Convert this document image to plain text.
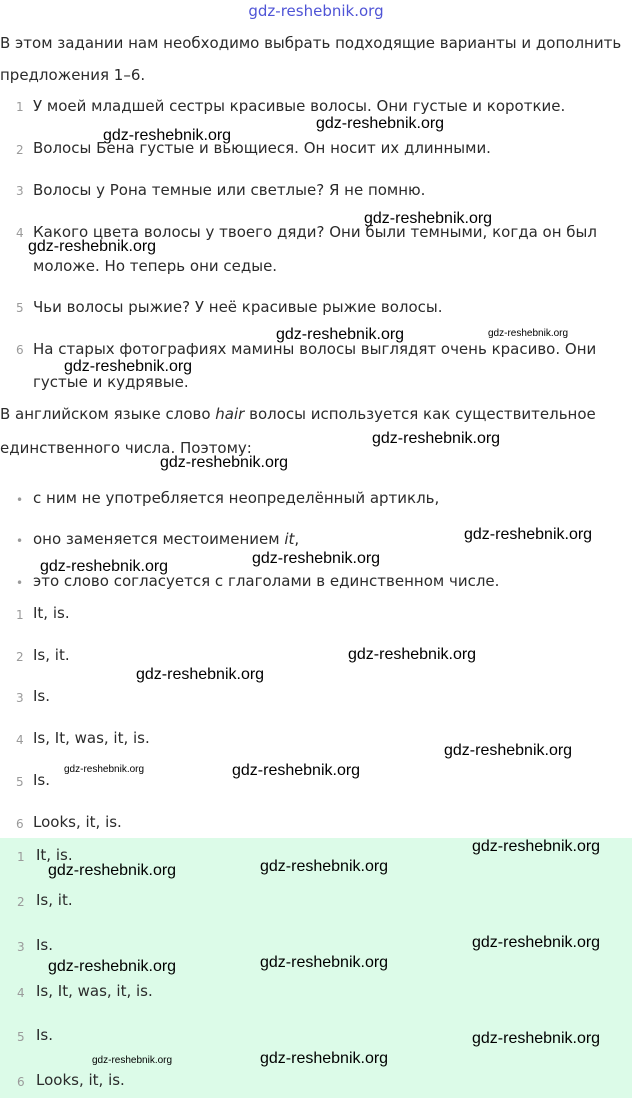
gdz-reshebnik.org
В этом задании нам необходимо выбрать подходящие варианты и дополнить
предложения 1–6.
1 У моей младшей сестры красивые волосы. Они густые и короткие.
2 Волосы Бена густые и вьющиеся. Он носит их длинными.
3 Волосы у Рона темные или светлые? Я не помню.
4 Какого цвета волосы у твоего дяди? Они были темными, когда он был
моложе. Но теперь они седые.
5 Чьи волосы рыжие? У неё красивые рыжие волосы.
6 На старых фотографиях мамины волосы выглядят очень красиво. Они
густые и кудрявые.
В английском языке слово hair волосы используется как существительное
единственного числа. Поэтому:
• с ним не употребляется неопределённый артикль,
• оно заменяется местоимением it,
• это слово согласуется с глаголами в единственном числе.
1 It, is.
2 Is, it.
3 Is.
4 Is, It, was, it, is.
5 Is.
6 Looks, it, is.
1 It, is.
2 Is, it.
3 Is.
4 Is, It, was, it, is.
5 Is.
6 Looks, it, is.
gdz-reshebnik.org
gdz-reshebnik.org
gdz-reshebnik.org
gdz-reshebnik.org
gdz-reshebnik.org	gdz-reshebnik.org
gdz-reshebnik.org
gdz-reshebnik.org
gdz-reshebnik.org
gdz-reshebnik.org
gdz-reshebnik.org
gdz-reshebnik.org
gdz-reshebnik.org
gdz-reshebnik.org
gdz-reshebnik.org
gdz-reshebnik.org	gdz-reshebnik.org
gdz-reshebnik.org
gdz-reshebnik.org
gdz-reshebnik.org
gdz-reshebnik.org
gdz-reshebnik.org
gdz-reshebnik.org
gdz-reshebnik.org
gdz-reshebnik.org
gdz-reshebnik.org
